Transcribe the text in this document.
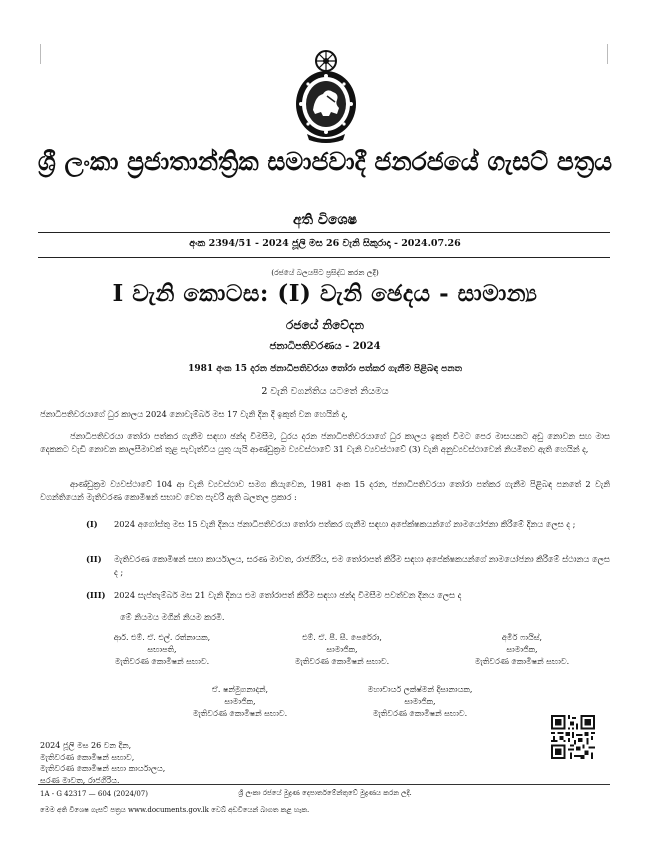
ශ්‍රී ලංකා ප්‍රජාතාන්ත්‍රික සමාජවාදී ජනරජයේ ගැසට් පත්‍රය
අති විශෙෂ
අංක 2394/51 - 2024 ජූලි මස 26 වැනි සිකුරාදා - 2024.07.26
(රජයේ බලයපිට ප්‍රසිද්ධ කරන ලදී)
I වැනි කොටස: (I) වැනි ඡෙදය - සාමාන්‍ය
රජයේ නිවේදන
ජනාධිපතිවරණය - 2024
1981 අංක 15 දරන ජනාධිපතිවරයා තෝරා පත්කර ගැනීම පිළිබඳ පනත
2 වැනි වගන්තිය යටතේ නියමය
ජනාධිපතිවරයාගේ ධුර කාලය 2024 නොවැම්බර් මස 17 වැනි දින දී ඉකුත් වන හෙයින් ද,
ජනාධිපතිවරයා තෝරා පත්කර ගැනීම සඳහා ඡන්ද විමසීම, ධුරය දරන ජනාධිපතිවරයාගේ ධුර කාලය ඉකුත් වීමට පෙර මාසයකට අඩු නොවන සහ මාස දෙකකට වැඩි නොවන කාලසීමාවක් තුළ පැවැත්විය යුතු යැයි ආණ්ඩුක්‍රම ව්‍යවස්ථාවේ 31 වැනි ව්‍යවස්ථාවේ (3) වැනි අනුව්‍යවස්ථාවෙන් නියමිතව ඇති හෙයින් ද,
ආණ්ඩුක්‍රම ව්‍යවස්ථාවේ 104 ආ වැනි ව්‍යවස්ථාව සමග කියැවෙන, 1981 අංක 15 දරන, ජනාධිපතිවරයා තෝරා පත්කර ගැනීම පිළිබඳ පනතේ 2 වැනි වගන්තියෙන් මැතිවරණ කොමිෂන් සභාව වෙත පැවරී ඇති බලතල ප්‍රකාර :
(I)	2024 අගෝස්තු මස 15 වැනි දිනය ජනාධිපතිවරයා තෝරා පත්කර ගැනීම සඳහා අපේක්ෂකයන්ගේ නාමයෝජනා කිරීමේ දිනය ලෙස ද ;
(II)	මැතිවරණ කොමිෂන් සභා කාර්යාලය, සරණ මාවත, රාජගිරිය, එම තෝරාපත් කිරීම සඳහා අපේක්ෂකයන්ගේ නාමයෝජනා කිරීමේ ස්ථානය ලෙස ද ;
(III)	2024 සැප්තැම්බර් මස 21 වැනි දිනය එම තෝරාපත් කිරීම සඳහා ඡන්ද විමසීම පවත්වන දිනය ලෙස ද
මේ නියමය මගින් නියම කරමි.
ආර්. එම්. ඒ. එල්. රත්නායක,
සභාපති,
මැතිවරණ කොමිෂන් සභාව.
එම්. ඒ. පී. සී. පෙරේරා,
සාමාජික,
මැතිවරණ කොමිෂන් සභාව.
අමීර් ෆායිස්,
සාමාජික,
මැතිවරණ කොමිෂන් සභාව.
ඒ. ෂන්මුගනාදන්,
සාමාජික,
මැතිවරණ කොමිෂන් සභාව.
මහාචාර්ය ලක්ෂ්මන් දිසානායක,
සාමාජික,
මැතිවරණ කොමිෂන් සභාව.
2024 ජූලි මස 26 වන දින,
මැතිවරණ කොමිෂන් සභාව,
මැතිවරණ කොමිෂන් සභා කාර්යාලය,
සරණ මාවත, රාජගිරිය.
1A - G 42317 — 604 (2024/07)	ශ්‍රී ලංකා රජයේ මුද්‍රණ දෙපාර්තමේන්තුවේ මුද්‍රණය කරන ලදී.
මෙම අති විශෙෂ ගැසට් පත්‍රය www.documents.gov.lk වෙබ් අඩවියෙන් බාගත කළ හැක.
